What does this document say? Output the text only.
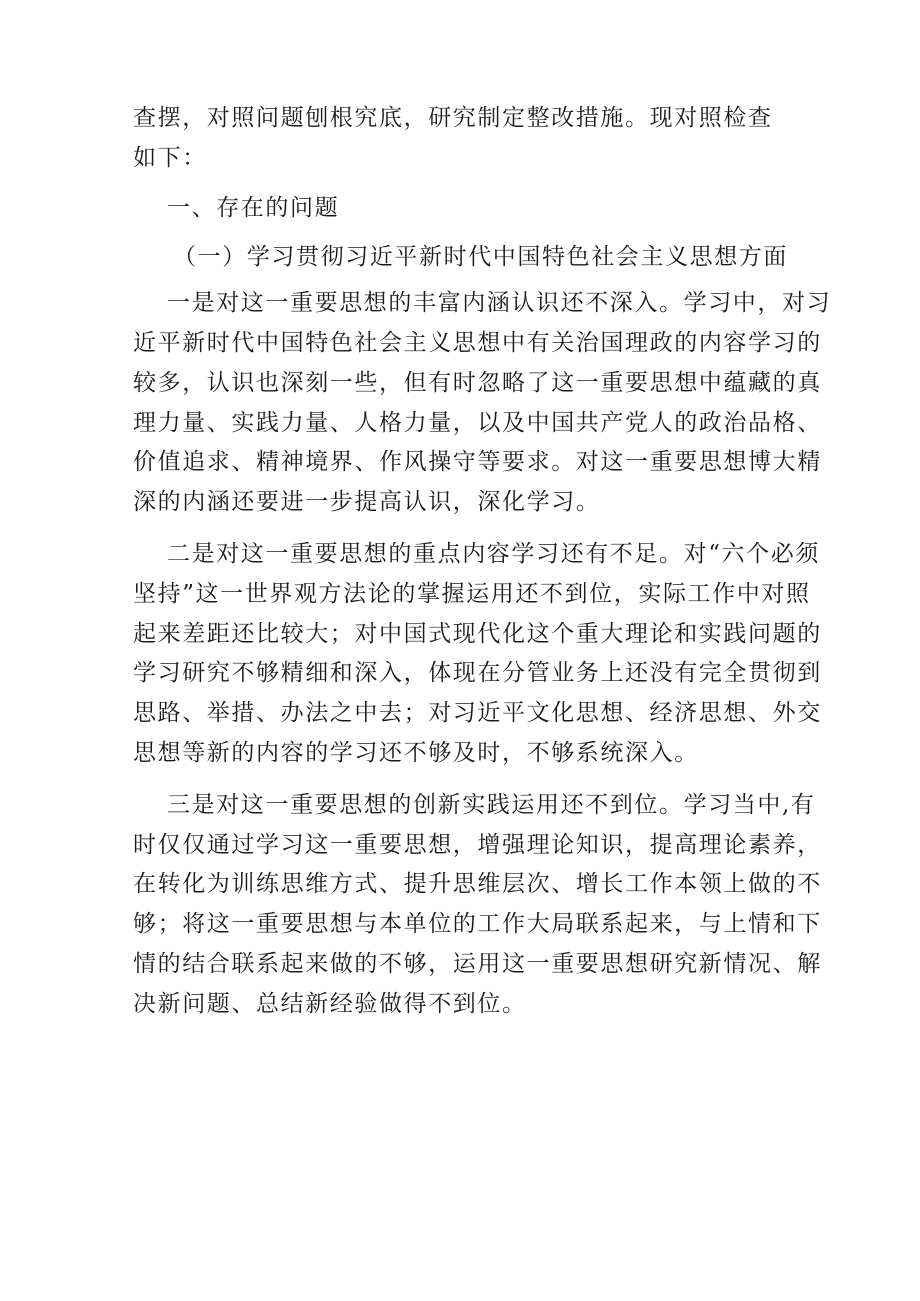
查摆，对照问题刨根究底，研究制定整改措施。现对照检查
如下：
一、存在的问题
（一）学习贯彻习近平新时代中国特色社会主义思想方面
一是对这一重要思想的丰富内涵认识还不深入。学习中，对习
近平新时代中国特色社会主义思想中有关治国理政的内容学习的
较多，认识也深刻一些，但有时忽略了这一重要思想中蕴藏的真
理力量、实践力量、人格力量，以及中国共产党人的政治品格、
价值追求、精神境界、作风操守等要求。对这一重要思想博大精
深的内涵还要进一步提高认识，深化学习。
二是对这一重要思想的重点内容学习还有不足。对“六个必须
坚持”这一世界观方法论的掌握运用还不到位，实际工作中对照
起来差距还比较大；对中国式现代化这个重大理论和实践问题的
学习研究不够精细和深入，体现在分管业务上还没有完全贯彻到
思路、举措、办法之中去；对习近平文化思想、经济思想、外交
思想等新的内容的学习还不够及时，不够系统深入。
三是对这一重要思想的创新实践运用还不到位。学习当中,有
时仅仅通过学习这一重要思想，增强理论知识，提高理论素养，
在转化为训练思维方式、提升思维层次、增长工作本领上做的不
够；将这一重要思想与本单位的工作大局联系起来，与上情和下
情的结合联系起来做的不够，运用这一重要思想研究新情况、解
决新问题、总结新经验做得不到位。
